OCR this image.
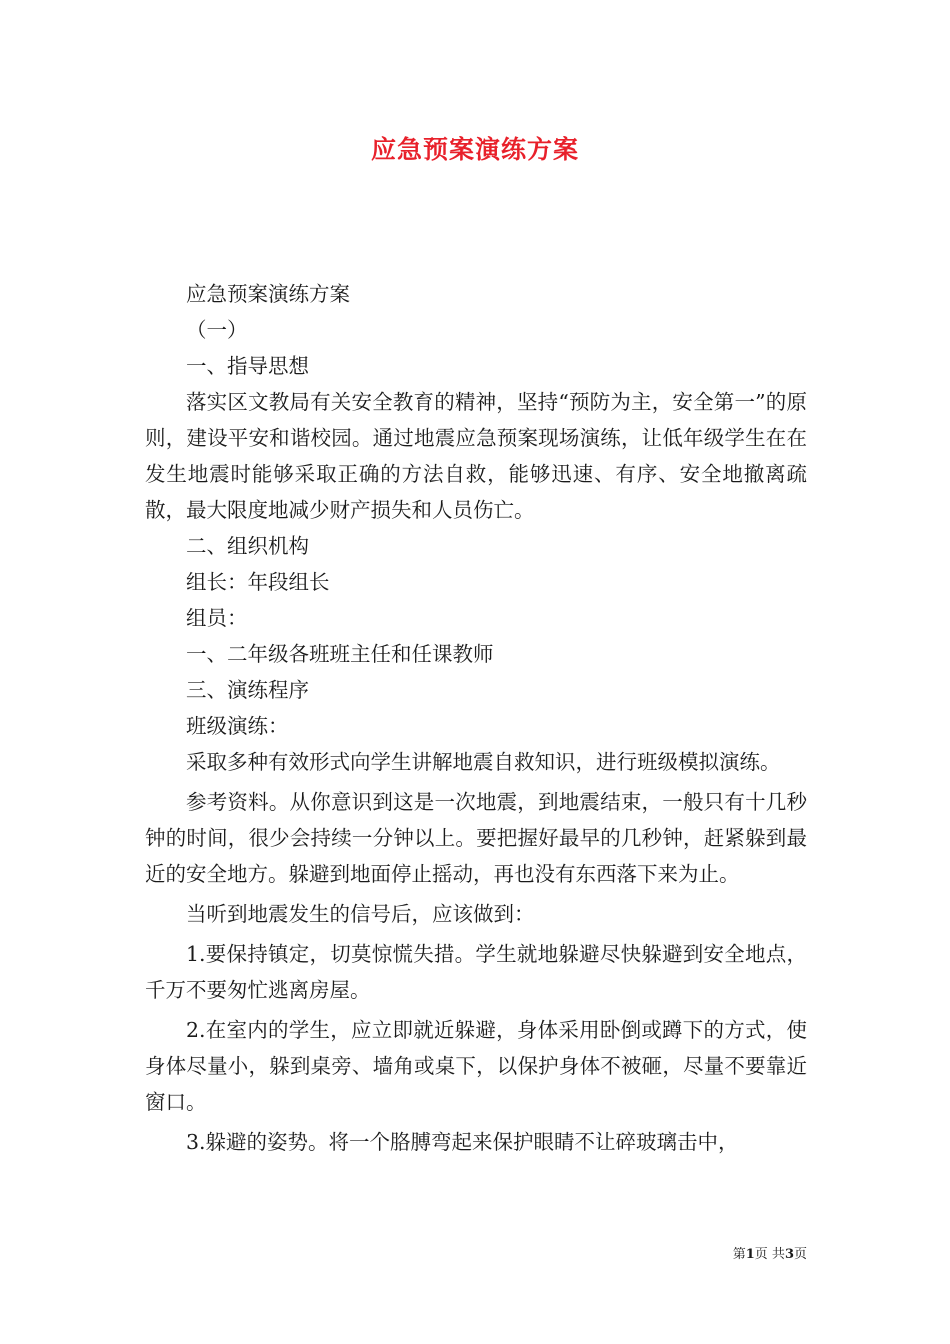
应急预案演练方案

应急预案演练方案

（一）

一、指导思想

落实区文教局有关安全教育的精神，坚持“预防为主，安全第一”的原则，建设平安和谐校园。通过地震应急预案现场演练，让低年级学生在在发生地震时能够采取正确的方法自救，能够迅速、有序、安全地撤离疏散，最大限度地减少财产损失和人员伤亡。

二、组织机构

组长：年段组长

组员：

一、二年级各班班主任和任课教师

三、演练程序

班级演练：

采取多种有效形式向学生讲解地震自救知识，进行班级模拟演练。

参考资料。从你意识到这是一次地震，到地震结束，一般只有十几秒钟的时间，很少会持续一分钟以上。要把握好最早的几秒钟，赶紧躲到最近的安全地方。躲避到地面停止摇动，再也没有东西落下来为止。

当听到地震发生的信号后，应该做到：

1.要保持镇定，切莫惊慌失措。学生就地躲避尽快躲避到安全地点，千万不要匆忙逃离房屋。

2.在室内的学生，应立即就近躲避，身体采用卧倒或蹲下的方式，使身体尽量小，躲到桌旁、墙角或桌下，以保护身体不被砸，尽量不要靠近窗口。

3.躲避的姿势。将一个胳膊弯起来保护眼睛不让碎玻璃击中，

第1页 共3页
